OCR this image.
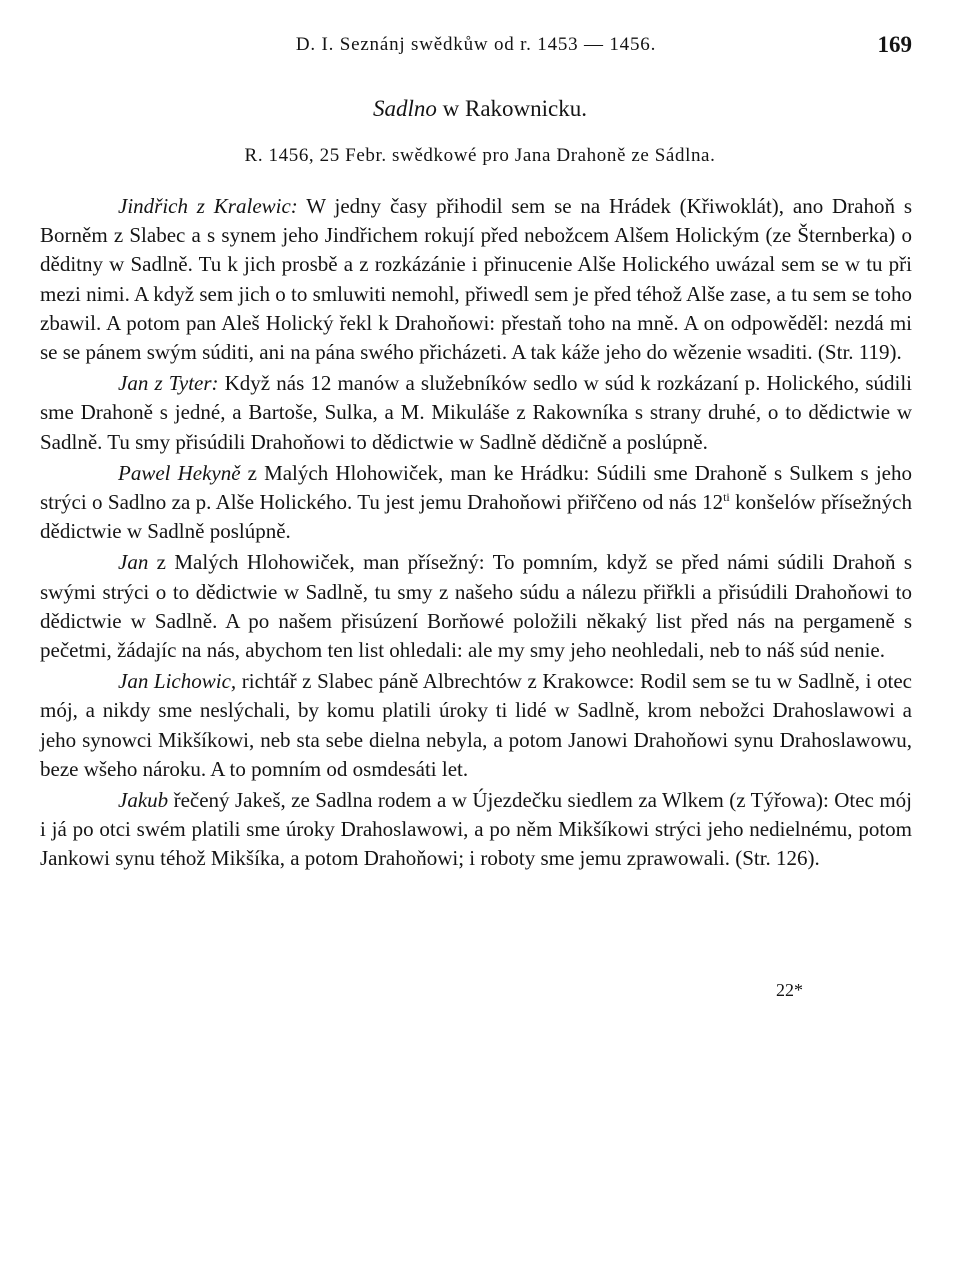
D. I. Seznánj swědkůw od r. 1453 — 1456.	169
Sadlno w Rakownicku.
R. 1456, 25 Febr. swědkowé pro Jana Drahoně ze Sádlna.

Jindřich z Kralewic: W jedny časy přihodil sem se na Hrádek (Křiwoklát), ano Drahoň s Borněm z Slabec a s synem jeho Jindřichem rokují před nebožcem Alšem Holickým (ze Šternberka) o děditny w Sadlně. Tu k jich prosbě a z rozkázánie i přinucenie Alše Holického uwázal sem se w tu při mezi nimi. A když sem jich o to smluwiti nemohl, přiwedl sem je před téhož Alše zase, a tu sem se toho zbawil. A potom pan Aleš Holický řekl k Drahoňowi: přestaň toho na mně. A on odpowěděl: nezdá mi se se pánem swým súditi, ani na pána swého přicházeti. A tak káže jeho do wězenie wsaditi. (Str. 119).

Jan z Tyter: Když nás 12 manów a služebníków sedlo w súd k rozkázaní p. Holického, súdili sme Drahoně s jedné, a Bartoše, Sulka, a M. Mikuláše z Rakowníka s strany druhé, o to dědictwie w Sadlně. Tu smy přisúdili Drahoňowi to dědictwie w Sadlně dědičně a poslúpně.

Pawel Hekyně z Malých Hlohowiček, man ke Hrádku: Súdili sme Drahoně s Sulkem s jeho strýci o Sadlno za p. Alše Holického. Tu jest jemu Drahoňowi přiřčeno od nás $12^{ti}$ konšelów přísežných dědictwie w Sadlně poslúpně.

Jan z Malých Hlohowiček, man přísežný: To pomním, když se před námi súdili Drahoň s swými strýci o to dědictwie w Sadlně, tu smy z našeho súdu a nálezu přiřkli a přisúdili Drahoňowi to dědictwie w Sadlně. A po našem přisúzení Borňowé položili někaký list před nás na pergameně s pečetmi, žádajíc na nás, abychom ten list ohledali: ale my smy jeho neohledali, neb to náš súd nenie.

Jan Lichowic, richtář z Slabec páně Albrechtów z Krakowce: Rodil sem se tu w Sadlně, i otec mój, a nikdy sme neslýchali, by komu platili úroky ti lidé w Sadlně, krom nebožci Drahoslawowi a jeho synowci Mikšíkowi, neb sta sebe dielna nebyla, a potom Janowi Drahoňowi synu Drahoslawowu, beze wšeho nároku. A to pomním od osmdesáti let.

Jakub řečený Jakeš, ze Sadlna rodem a w Újezdečku siedlem za Wlkem (z Týřowa): Otec mój i já po otci swém platili sme úroky Drahoslawowi, a po něm Mikšíkowi strýci jeho nedielnému, potom Jankowi synu téhož Mikšíka, a potom Drahoňowi; i roboty sme jemu zprawowali. (Str. 126).

22*
